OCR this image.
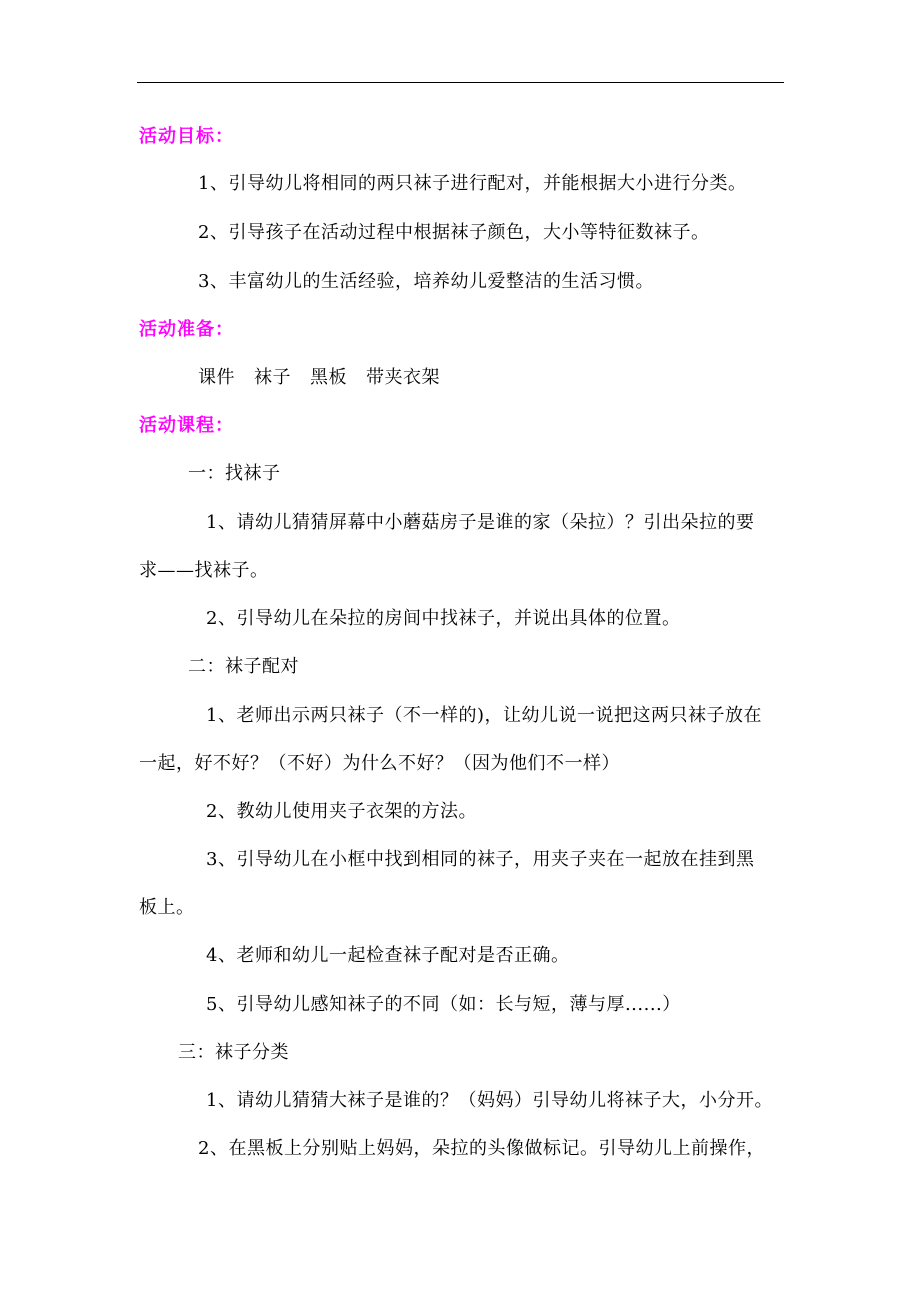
活动目标：
1、引导幼儿将相同的两只袜子进行配对，并能根据大小进行分类。
2、引导孩子在活动过程中根据袜子颜色，大小等特征数袜子。
3、丰富幼儿的生活经验，培养幼儿爱整洁的生活习惯。
活动准备：
课件 袜子 黑板 带夹衣架
活动课程：
一：找袜子
1、请幼儿猜猜屏幕中小蘑菇房子是谁的家（朵拉）？引出朵拉的要
求——找袜子。
2、引导幼儿在朵拉的房间中找袜子，并说出具体的位置。
二：袜子配对
1、老师出示两只袜子（不一样的)，让幼儿说一说把这两只袜子放在
一起，好不好？（不好）为什么不好？（因为他们不一样）
2、教幼儿使用夹子衣架的方法。
3、引导幼儿在小框中找到相同的袜子，用夹子夹在一起放在挂到黑
板上。
4、老师和幼儿一起检查袜子配对是否正确。
5、引导幼儿感知袜子的不同（如：长与短，薄与厚......）
三：袜子分类
1、请幼儿猜猜大袜子是谁的？（妈妈）引导幼儿将袜子大，小分开。
2、在黑板上分别贴上妈妈，朵拉的头像做标记。引导幼儿上前操作，
